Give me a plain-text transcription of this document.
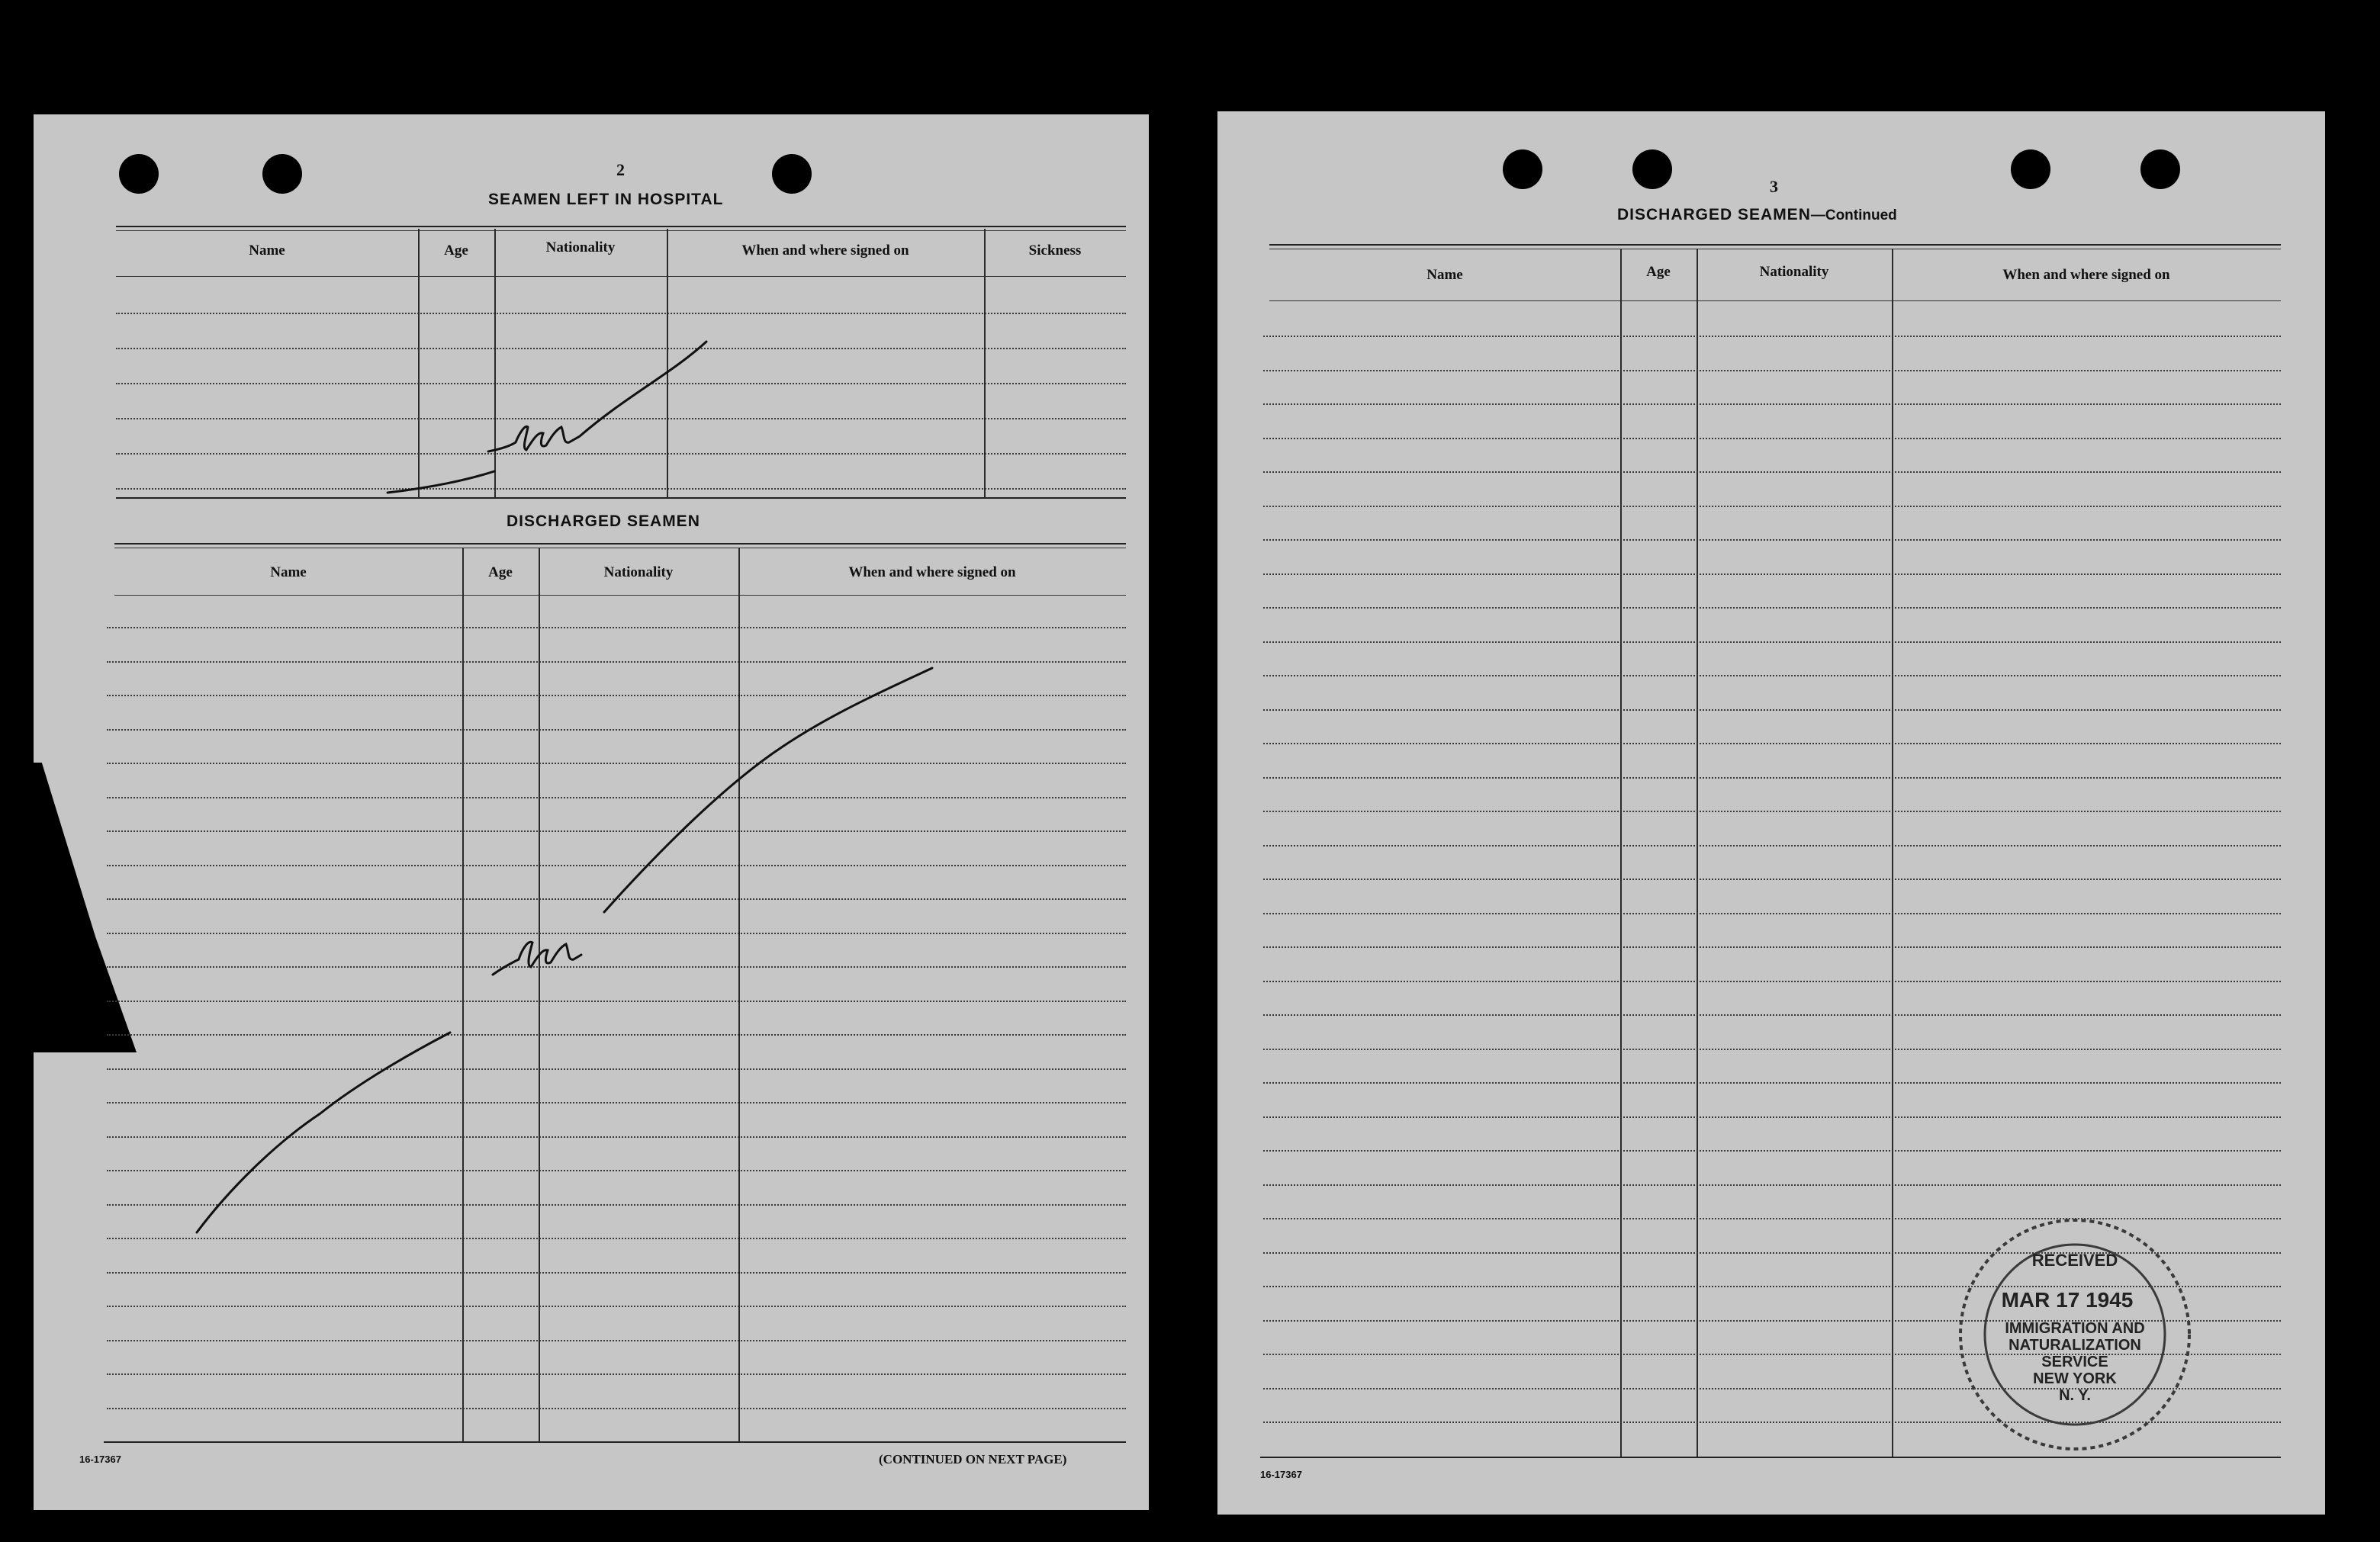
2
SEAMEN LEFT IN HOSPITAL
Name	Age	Nationality	When and where signed on	Sickness
DISCHARGED SEAMEN
Name	Age	Nationality	When and where signed on
16-17367	(CONTINUED ON NEXT PAGE)
3
DISCHARGED SEAMEN—Continued
Name	Age	Nationality	When and where signed on
16-17367
RECEIVED
MAR 17 1945
IMMIGRATION AND
NATURALIZATION
SERVICE
NEW YORK
N. Y.
